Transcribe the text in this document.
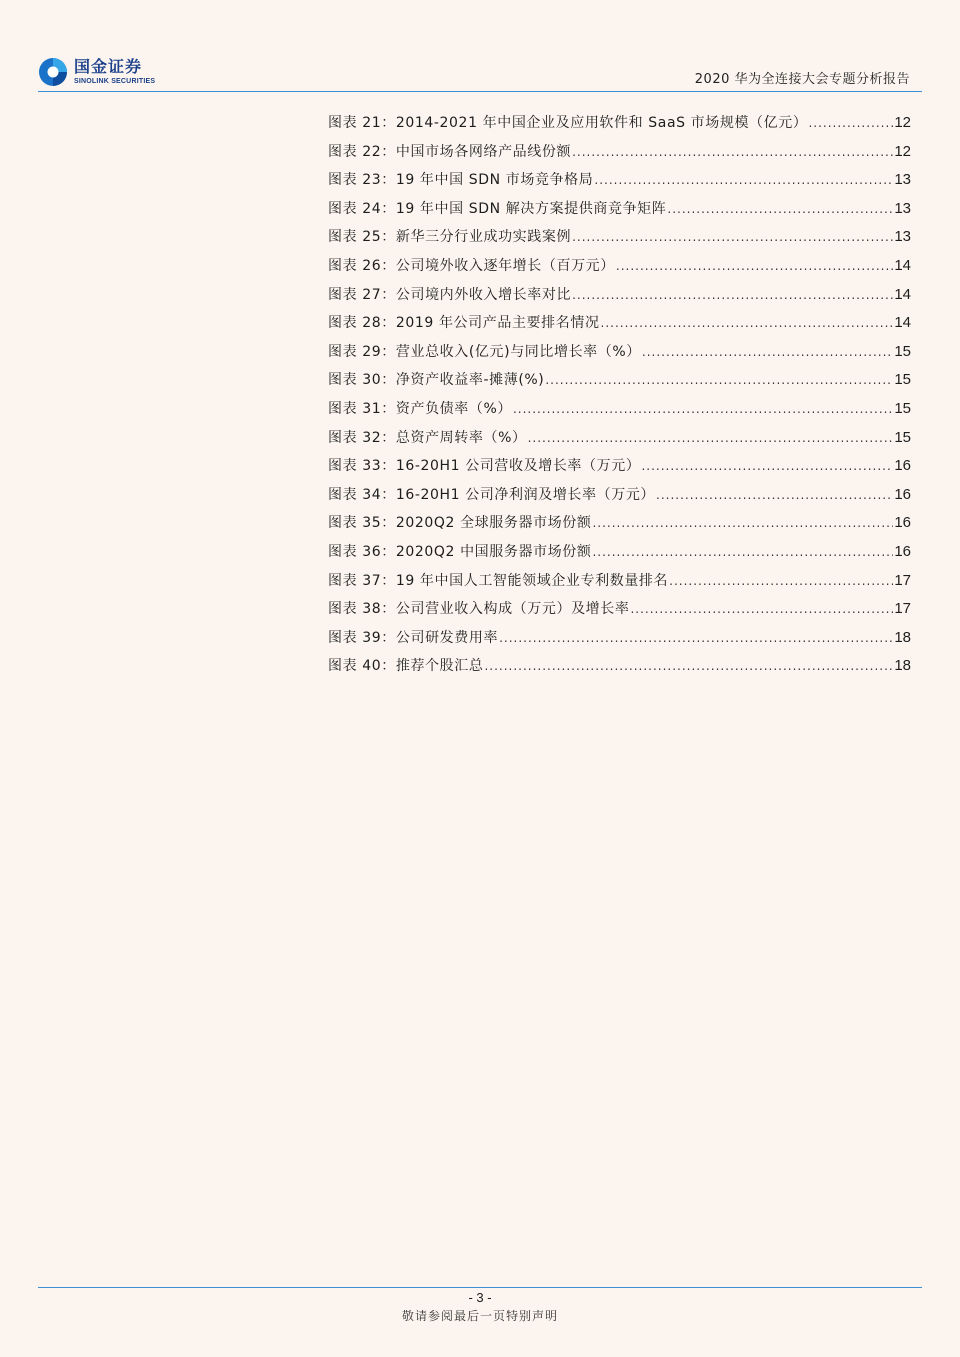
国金证券
SINOLINK SECURITIES	2020 华为全连接大会专题分析报告
图表 21：2014-2021 年中国企业及应用软件和 SaaS 市场规模（亿元） .....	12
图表 22：中国市场各网络产品线份额 .....	12
图表 23：19 年中国 SDN 市场竞争格局 .....	13
图表 24：19 年中国 SDN 解决方案提供商竞争矩阵 .....	13
图表 25：新华三分行业成功实践案例 .....	13
图表 26：公司境外收入逐年增长（百万元） .....	14
图表 27：公司境内外收入增长率对比 .....	14
图表 28：2019 年公司产品主要排名情况 .....	14
图表 29：营业总收入(亿元)与同比增长率（%） .....	15
图表 30：净资产收益率-摊薄(%) .....	15
图表 31：资产负债率（%） .....	15
图表 32：总资产周转率（%） .....	15
图表 33：16-20H1 公司营收及增长率（万元） .....	16
图表 34：16-20H1 公司净利润及增长率（万元） .....	16
图表 35：2020Q2 全球服务器市场份额 .....	16
图表 36：2020Q2 中国服务器市场份额 .....	16
图表 37：19 年中国人工智能领域企业专利数量排名 .....	17
图表 38：公司营业收入构成（万元）及增长率 .....	17
图表 39：公司研发费用率 .....	18
图表 40：推荐个股汇总 .....	18
- 3 -
敬请参阅最后一页特别声明
